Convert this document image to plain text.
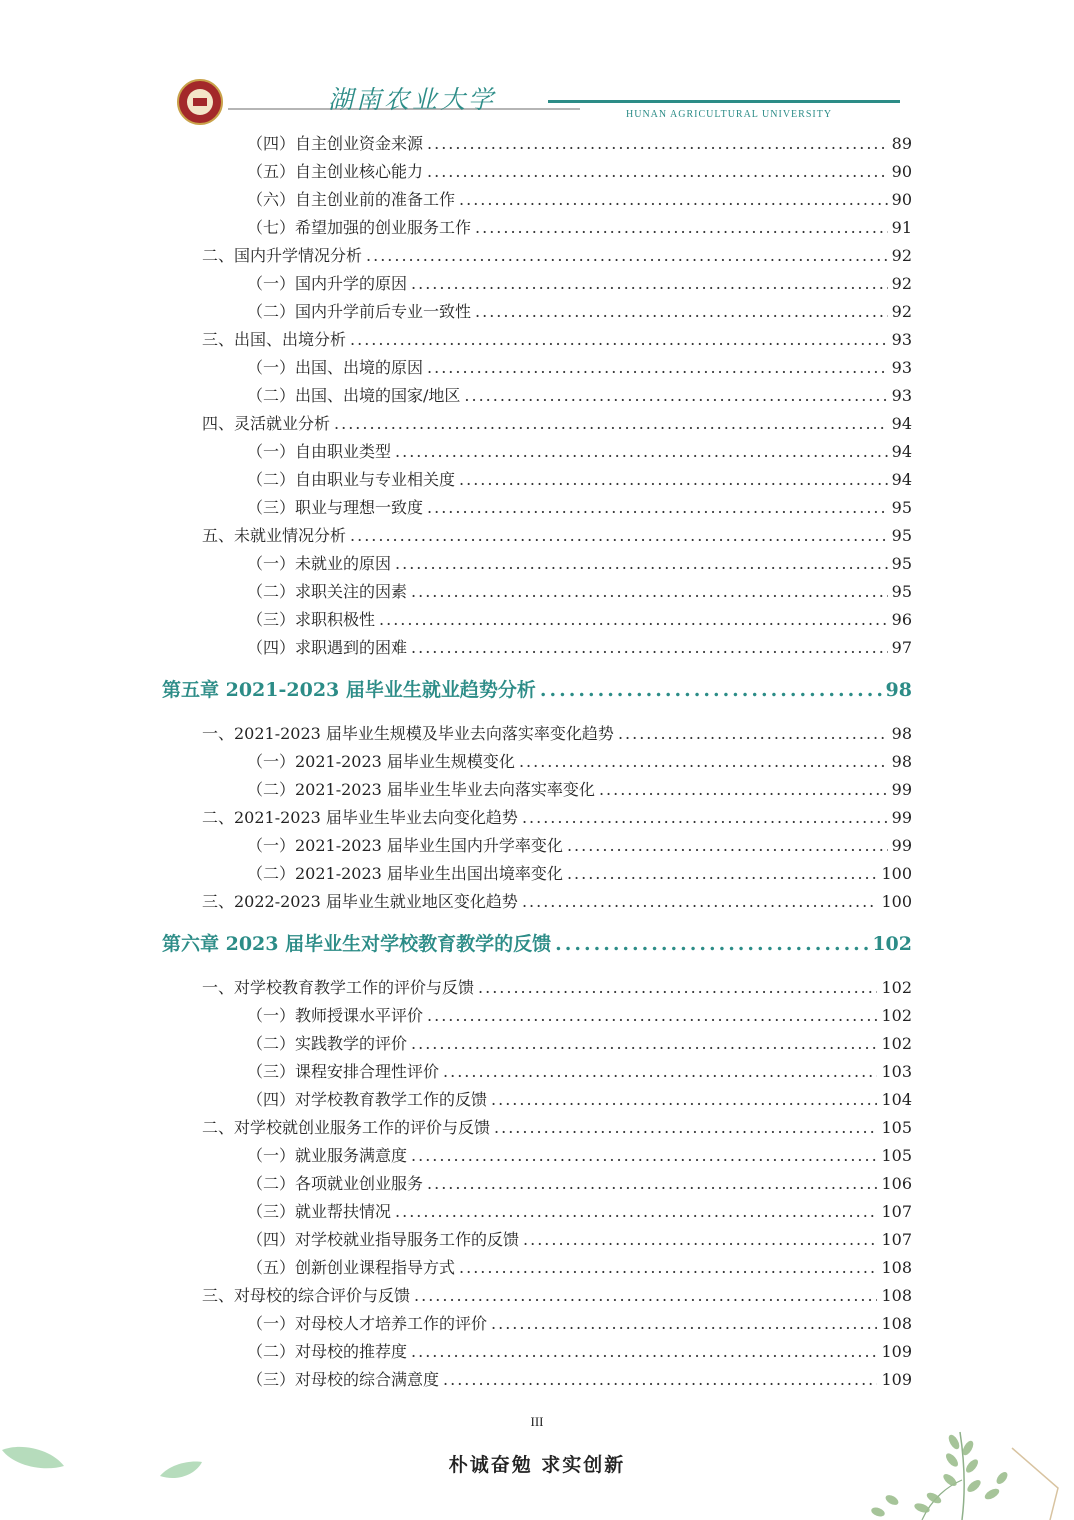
湖南农业大学
HUNAN AGRICULTURAL UNIVERSITY
（四）自主创业资金来源 .....	89
（五）自主创业核心能力 .....	90
（六）自主创业前的准备工作 .....	90
（七）希望加强的创业服务工作 .....	91
二、国内升学情况分析 .....	92
（一）国内升学的原因 .....	92
（二）国内升学前后专业一致性 .....	92
三、出国、出境分析 .....	93
（一）出国、出境的原因 .....	93
（二）出国、出境的国家/地区 .....	93
四、灵活就业分析 .....	94
（一）自由职业类型 .....	94
（二）自由职业与专业相关度 .....	94
（三）职业与理想一致度 .....	95
五、未就业情况分析 .....	95
（一）未就业的原因 .....	95
（二）求职关注的因素 .....	95
（三）求职积极性 .....	96
（四）求职遇到的困难 .....	97
第五章 2021-2023 届毕业生就业趋势分析 .....	98
一、2021-2023 届毕业生规模及毕业去向落实率变化趋势 .....	98
（一）2021-2023 届毕业生规模变化 .....	98
（二）2021-2023 届毕业生毕业去向落实率变化 .....	99
二、2021-2023 届毕业生毕业去向变化趋势 .....	99
（一）2021-2023 届毕业生国内升学率变化 .....	99
（二）2021-2023 届毕业生出国出境率变化 .....	100
三、2022-2023 届毕业生就业地区变化趋势 .....	100
第六章 2023 届毕业生对学校教育教学的反馈 .....	102
一、对学校教育教学工作的评价与反馈 .....	102
（一）教师授课水平评价 .....	102
（二）实践教学的评价 .....	102
（三）课程安排合理性评价 .....	103
（四）对学校教育教学工作的反馈 .....	104
二、对学校就创业服务工作的评价与反馈 .....	105
（一）就业服务满意度 .....	105
（二）各项就业创业服务 .....	106
（三）就业帮扶情况 .....	107
（四）对学校就业指导服务工作的反馈 .....	107
（五）创新创业课程指导方式 .....	108
三、对母校的综合评价与反馈 .....	108
（一）对母校人才培养工作的评价 .....	108
（二）对母校的推荐度 .....	109
（三）对母校的综合满意度 .....	109
III
朴诚奋勉 求实创新
